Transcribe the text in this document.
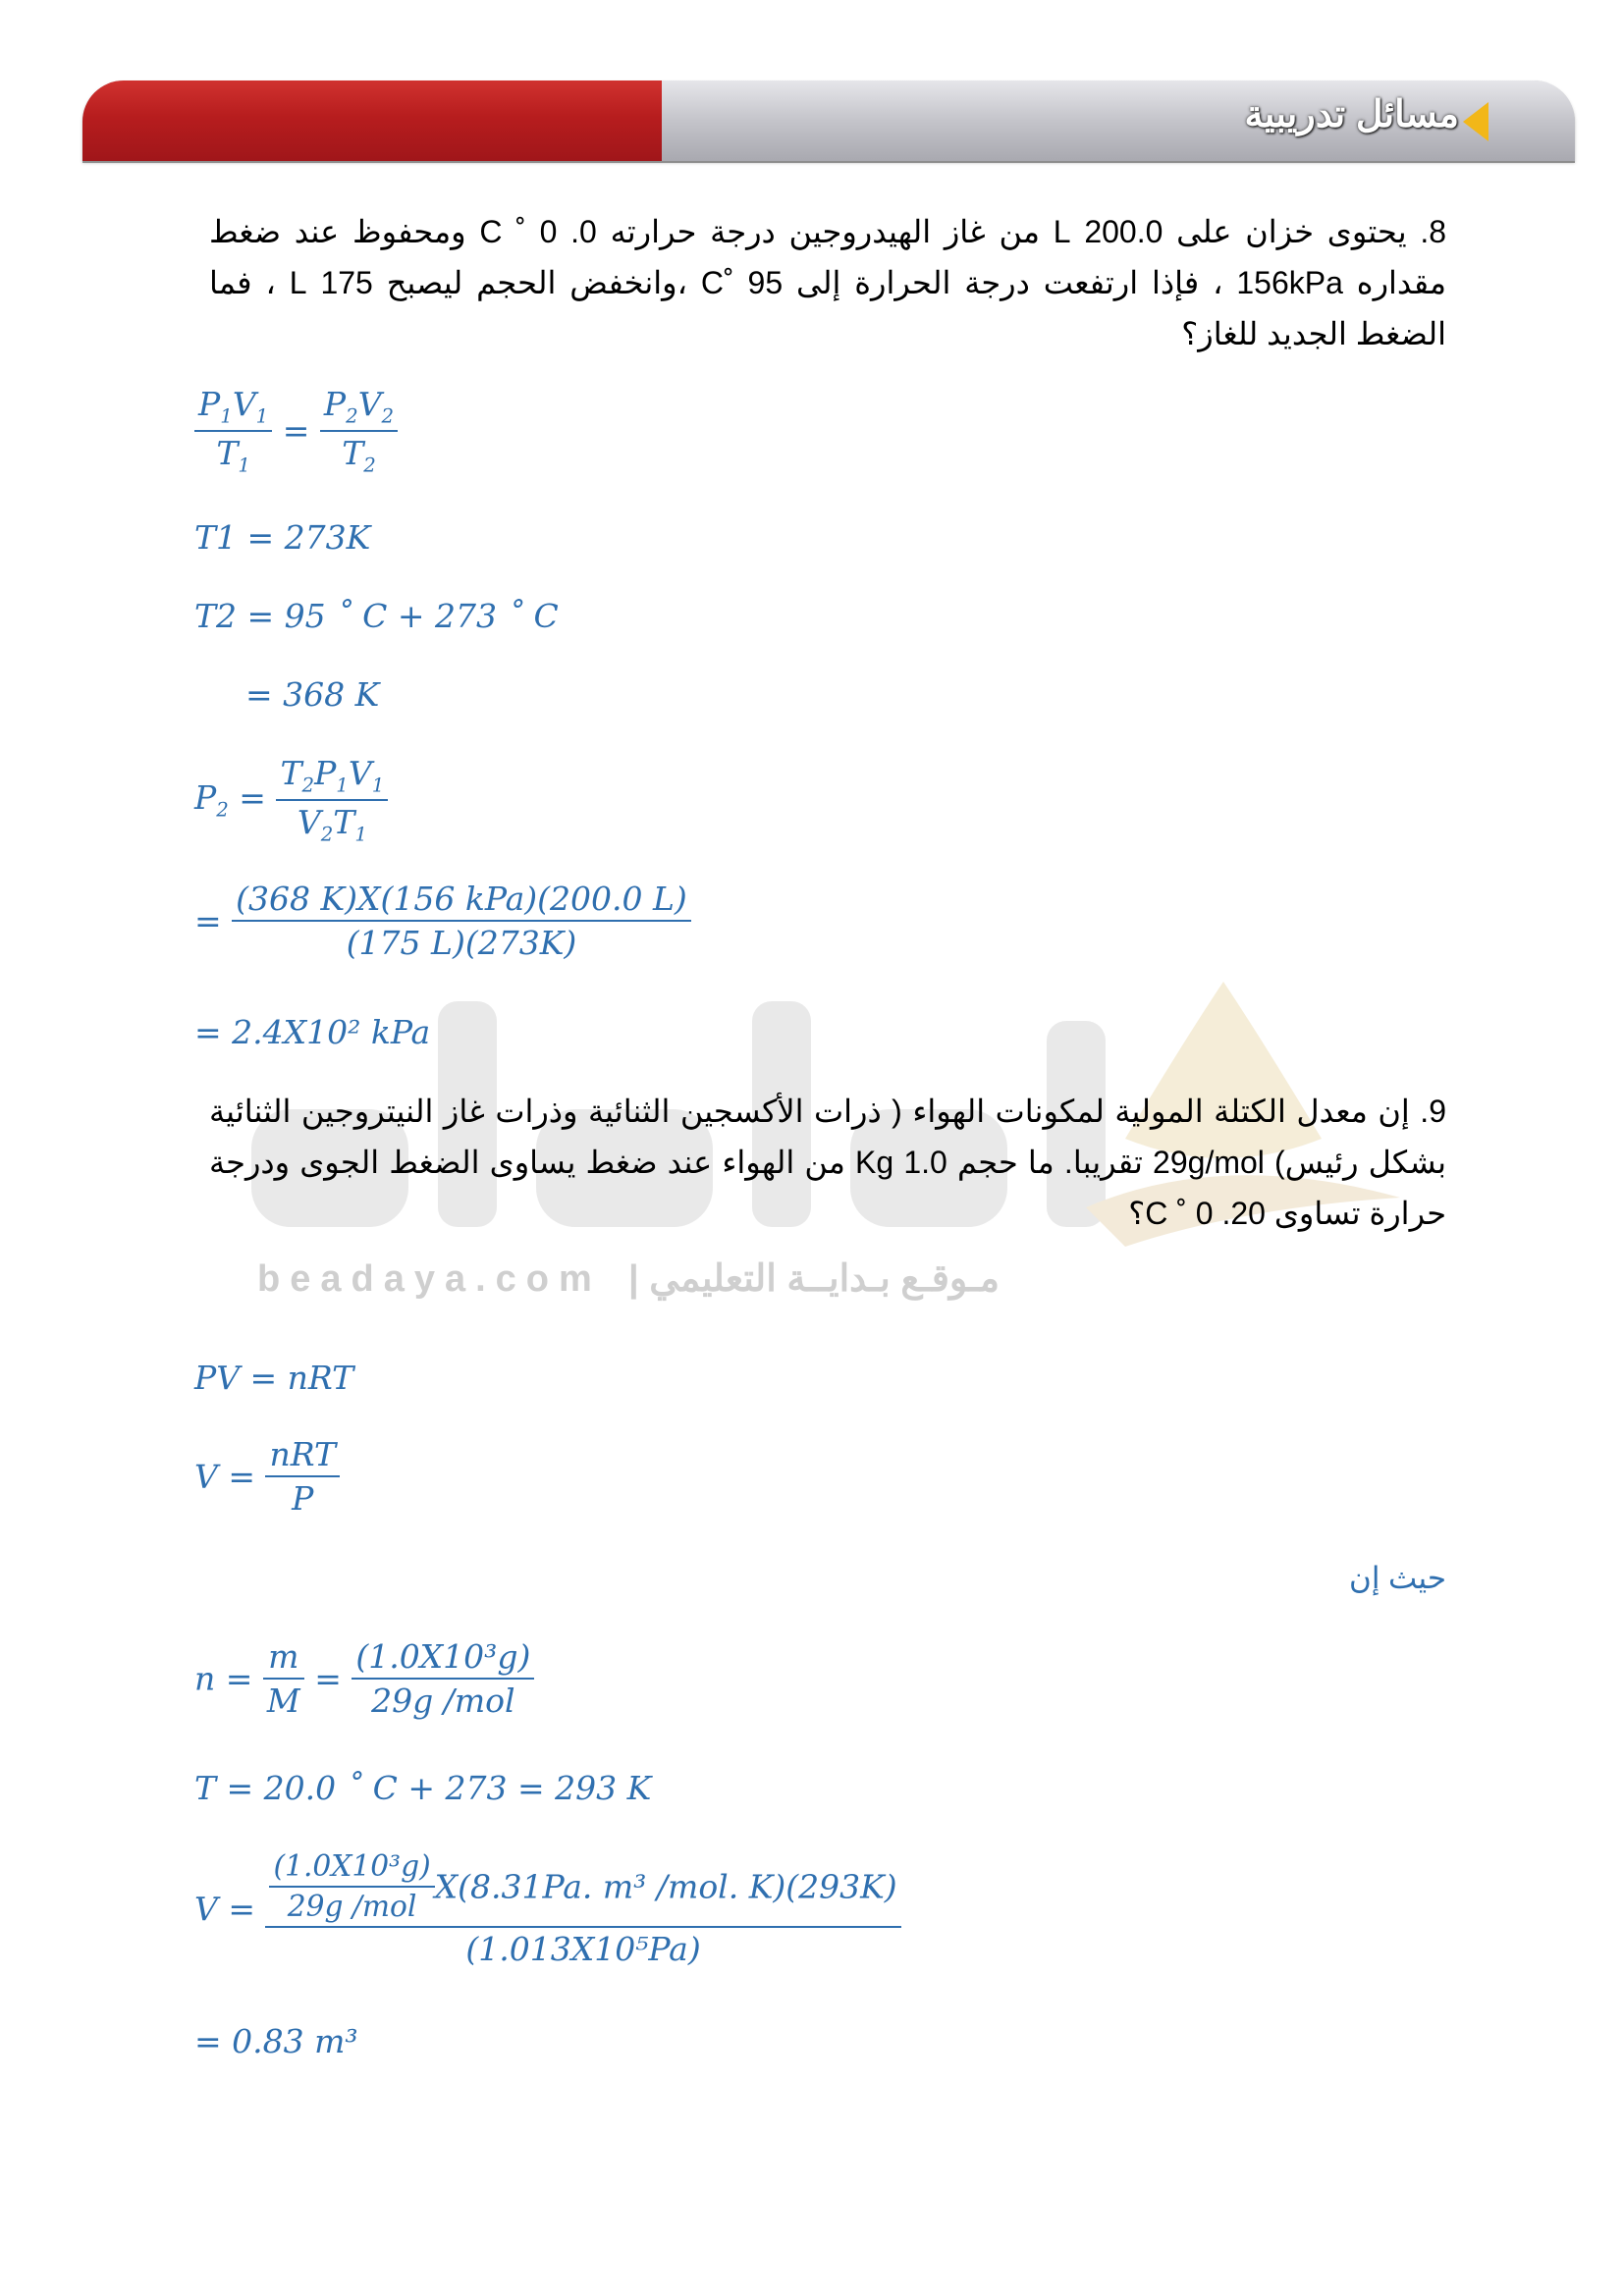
مسائل تدريبية
beadaya.com مـوقـع بـدايــة التعليمي |
8. يحتوى خزان على 200.0 L من غاز الهيدروجين درجة حرارته 0. 0 ˚ C ومحفوظ عند ضغط مقداره 156kPa ، فإذا ارتفعت درجة الحرارة إلى 95 ˚C ،وانخفض الحجم ليصبح 175 L ، فما الضغط الجديد للغاز؟
$\frac{P_1V_1}{T_1} = \frac{P_2V_2}{T_2}$
T1 = 273K
T2 = 95 ˚ C + 273 ˚ C
= 368 K
$P_2 = \frac{T_2P_1V_1}{V_2T_1}$
= $\frac{\text{(368 K)X(156 kPa)(200.0 L)}}{(175 L)(273K)}$
= 2.4X10² kPa
9. إن معدل الكتلة المولية لمكونات الهواء ( ذرات الأكسجين الثنائية وذرات غاز النيتروجين الثنائية بشكل رئيس) 29g/mol تقريبا. ما حجم 1.0 Kg من الهواء عند ضغط يساوى الضغط الجوى ودرجة حرارة تساوى 20. 0 ˚ C؟
PV = nRT
$V = \frac{\text{nRT}}{P}$
حيث إن
$n = \frac{m}{M} = \frac{\text{(1.0X10³g)}}{\text{29g /mol}}$
T = 20.0 ˚ C + 273 = 293 K
$V = \frac{\frac{\text{(1.0X10³g)}}{\text{29g /mol}} X(8.31Pa. m^3 /mol. K)(293K)}{\text{(1.013X10⁵Pa)}}$
= 0.83 m³
